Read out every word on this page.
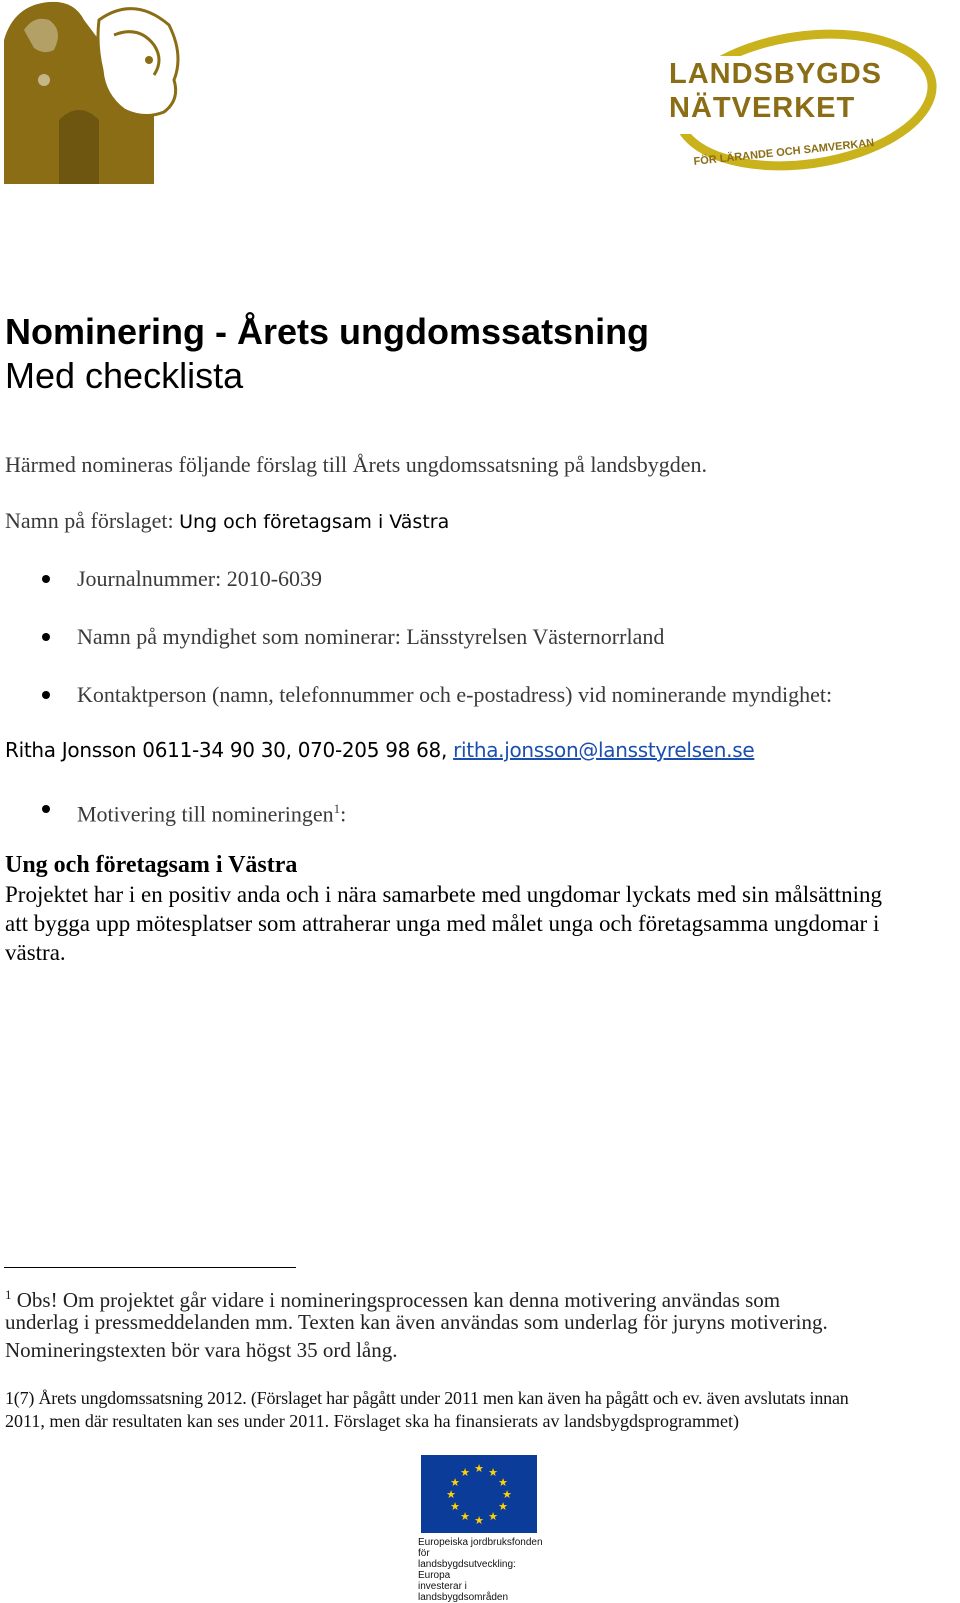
LANDSBYGDS
NÄTVERKET
FÖR LÄRANDE OCH SAMVERKAN
Nominering - Årets ungdomssatsning
Med checklista
Härmed nomineras följande förslag till Årets ungdomssatsning på landsbygden.
Namn på förslaget: Ung och företagsam i Västra
Journalnummer: 2010-6039
Namn på myndighet som nominerar: Länsstyrelsen Västernorrland
Kontaktperson (namn, telefonnummer och e-postadress) vid nominerande myndighet:
Ritha Jonsson 0611-34 90 30, 070-205 98 68, ritha.jonsson@lansstyrelsen.se
Motivering till nomineringen$^1$:
Ung och företagsam i Västra
Projektet har i en positiv anda och i nära samarbete med ungdomar lyckats med sin målsättning
att bygga upp mötesplatser som attraherar unga med målet unga och företagsamma ungdomar i
västra.
$^1$ Obs! Om projektet går vidare i nomineringsprocessen kan denna motivering användas som
underlag i pressmeddelanden mm. Texten kan även användas som underlag för juryns motivering.
Nomineringstexten bör vara högst 35 ord lång.
1(7) Årets ungdomssatsning 2012. (Förslaget har pågått under 2011 men kan även ha pågått och ev. även avslutats innan
2011, men där resultaten kan ses under 2011. Förslaget ska ha finansierats av landsbygdsprogrammet)
★ ★
★
★
★
★
★
★
★
★
★
★
Europeiska jordbruksfonden för
landsbygdsutveckling: Europa
investerar i landsbygdsområden
